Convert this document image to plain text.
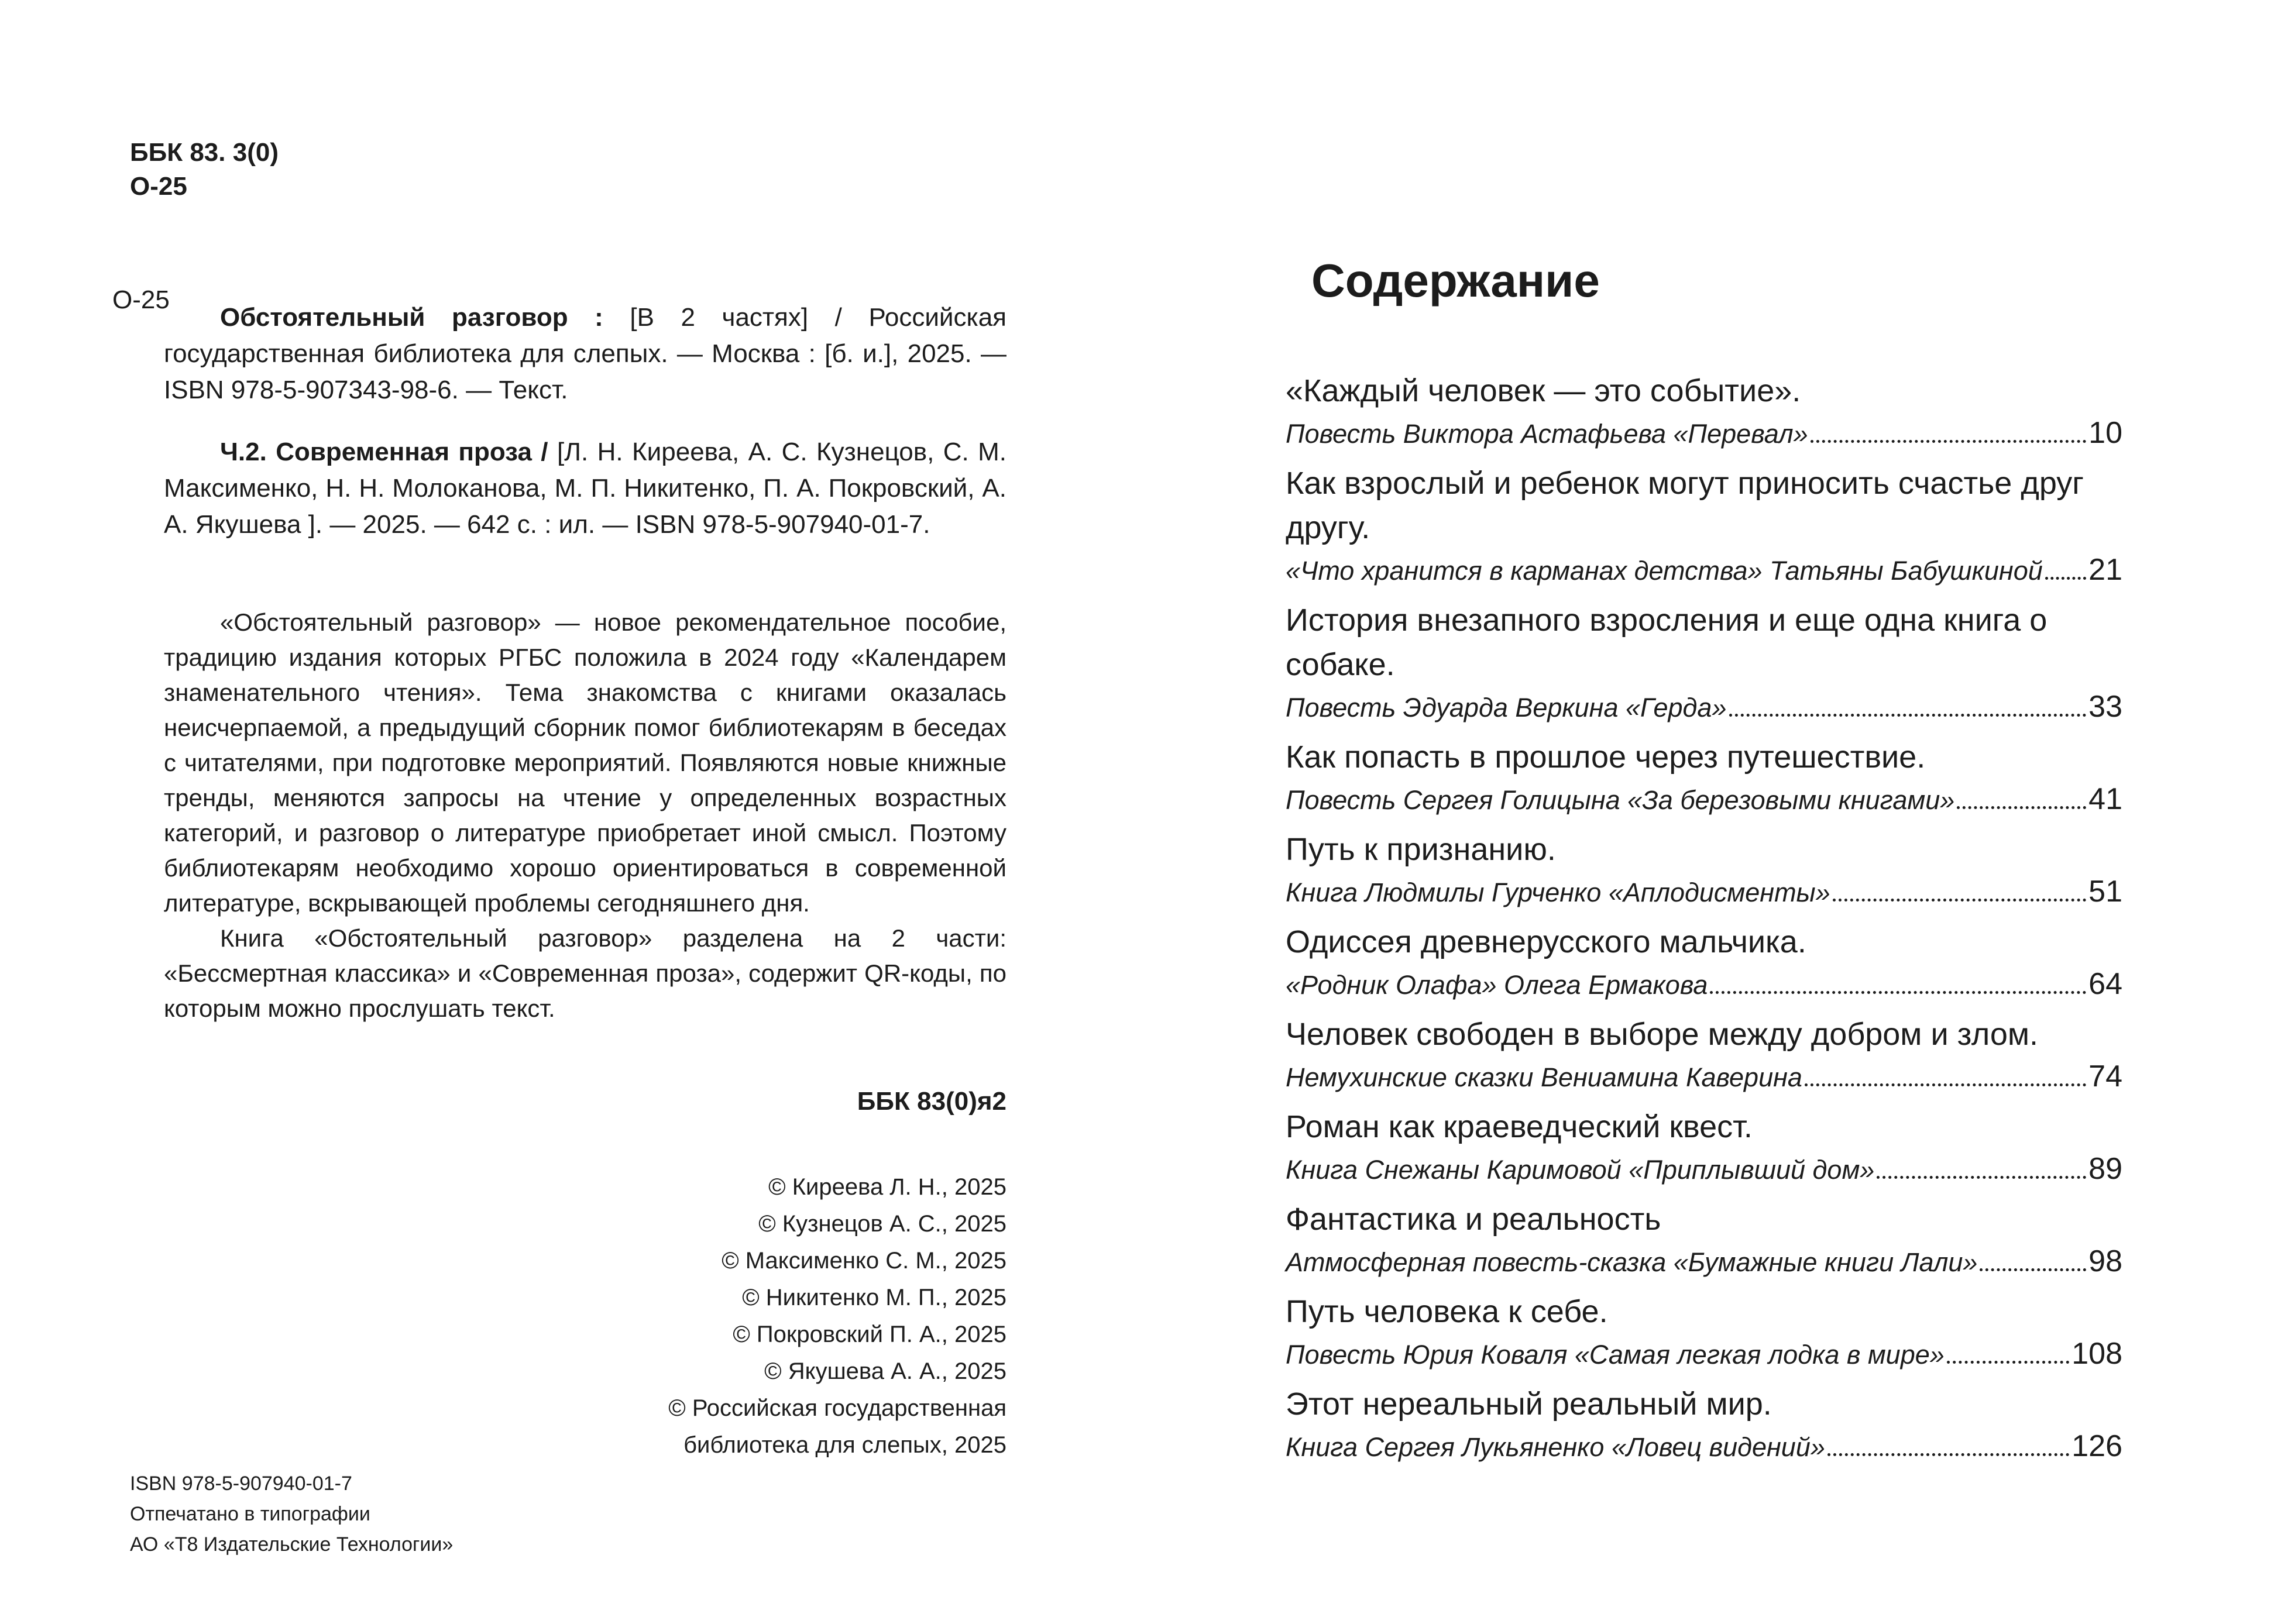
ББК 83. 3(0)
О-25
О-25
Обстоятельный разговор : [В 2 частях] / Российская государственная библиотека для слепых. — Москва : [б. и.], 2025. — ISBN 978-5-907343-98-6. — Текст.
Ч.2. Современная проза / [Л. Н. Киреева, А. С. Кузнецов, С. М. Максименко, Н. Н. Молоканова, М. П. Никитенко, П. А. Покровский, А. А. Якушева ]. — 2025. — 642 с. : ил. — ISBN 978-5-907940-01-7.
«Обстоятельный разговор» — новое рекомендательное пособие, традицию издания которых РГБС положила в 2024 году «Календарем знаменательного чтения». Тема знакомства с книгами оказалась неисчерпаемой, а предыдущий сборник помог библиотекарям в беседах с читателями, при подготовке мероприятий. Появляются новые книжные тренды, меняются запросы на чтение у определенных возрастных категорий, и разговор о литературе приобретает иной смысл. Поэтому библиотекарям необходимо хорошо ориентироваться в современной литературе, вскрывающей проблемы сегодняшнего дня.
Книга «Обстоятельный разговор» разделена на 2 части: «Бессмертная классика» и «Современная проза», содержит QR-коды, по которым можно прослушать текст.
ББК 83(0)я2
© Киреева Л. Н., 2025
© Кузнецов А. С., 2025
© Максименко С. М., 2025
© Никитенко М. П., 2025
© Покровский П. А., 2025
© Якушева А. А., 2025
© Российская государственная
библиотека для слепых, 2025
ISBN 978-5-907940-01-7
Отпечатано в типографии
АО «Т8 Издательские Технологии»
Содержание
«Каждый человек — это событие».
Повесть Виктора Астафьева «Перевал»	10
Как взрослый и ребенок могут приносить счастье друг другу.
«Что хранится в карманах детства» Татьяны Бабушкиной 21
История внезапного взросления и еще одна книга о собаке.
Повесть Эдуарда Веркина «Герда»	33
Как попасть в прошлое через путешествие.
Повесть Сергея Голицына «За березовыми книгами»	41
Путь к признанию.
Книга Людмилы Гурченко «Аплодисменты»	51
Одиссея древнерусского мальчика.
«Родник Олафа» Олега Ермакова	64
Человек свободен в выборе между добром и злом.
Немухинские сказки Вениамина Каверина	74
Роман как краеведческий квест.
Книга Снежаны Каримовой «Приплывший дом»	89
Фантастика и реальность
Атмосферная повесть-сказка «Бумажные книги Лали»	98
Путь человека к себе.
Повесть Юрия Коваля «Самая легкая лодка в мире»	108
Этот нереальный реальный мир.
Книга Сергея Лукьяненко «Ловец видений»	126
